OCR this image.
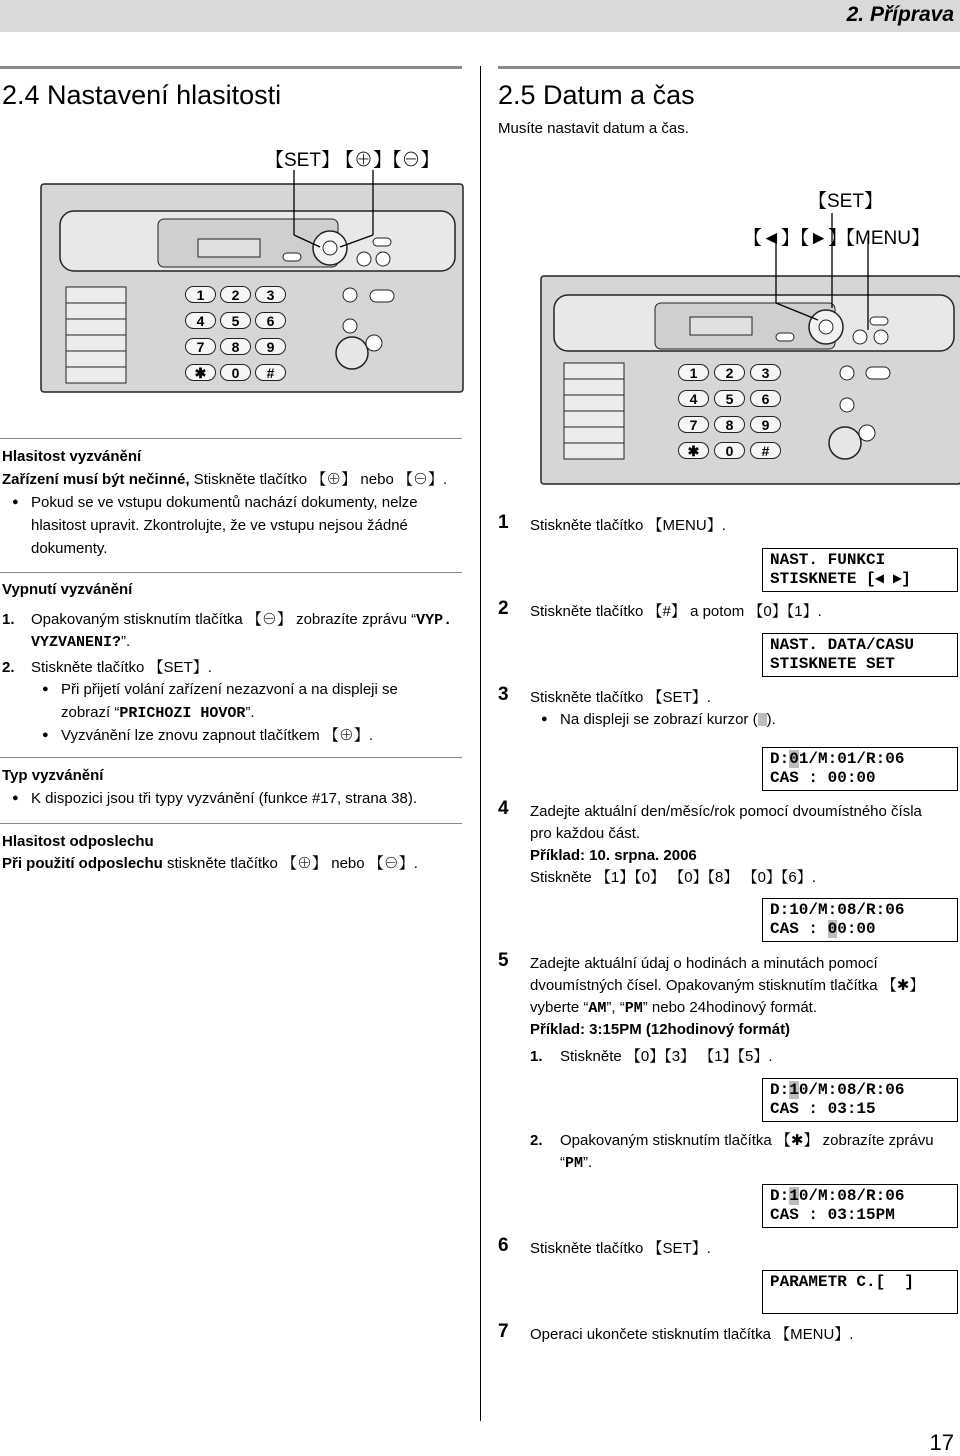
2. Příprava
2.4 Nastavení hlasitosti
【SET】
【⊕】【⊖】
1	2	3
4	5	6
7	8	9
✱	0	#
Hlasitost vyzvánění
Zařízení musí být nečinné, Stiskněte tlačítko 【⊕】 nebo 【⊖】.
● Pokud se ve vstupu dokumentů nachází dokumenty, nelze
hlasitost upravit. Zkontrolujte, že ve vstupu nejsou žádné
dokumenty.
Vypnutí vyzvánění
1. Opakovaným stisknutím tlačítka 【⊖】 zobrazíte zprávu “VYP.
VYZVANENI?”.
2. Stiskněte tlačítko 【SET】.
● Při přijetí volání zařízení nezazvoní a na displeji se
zobrazí “PRICHOZI HOVOR”.
● Vyzvánění lze znovu zapnout tlačítkem 【⊕】.
Typ vyzvánění
● K dispozici jsou tři typy vyzvánění (funkce #17, strana 38).
Hlasitost odposlechu
Při použití odposlechu stiskněte tlačítko 【⊕】 nebo 【⊖】.
2.5 Datum a čas
Musíte nastavit datum a čas.
【SET】
【◄】【►】
【MENU】
1	2	3
4	5	6
7	8	9
✱	0	#
1 Stiskněte tlačítko 【MENU】.
NAST. FUNKCI
STISKNETE [◂ ▸]
2 Stiskněte tlačítko 【#】 a potom 【0】【1】.
NAST. DATA/CASU
STISKNETE SET
3 Stiskněte tlačítko 【SET】.
● Na displeji se zobrazí kurzor ( ).
D:01/M:01/R:06
CAS : 00:00
4 Zadejte aktuální den/měsíc/rok pomocí dvoumístného čísla
pro každou část.
Příklad: 10. srpna. 2006
Stiskněte 【1】【0】 【0】【8】 【0】【6】.
D:10/M:08/R:06
CAS : 00:00
5 Zadejte aktuální údaj o hodinách a minutách pomocí
dvoumístných čísel. Opakovaným stisknutím tlačítka 【✱】
vyberte “AM”, “PM” nebo 24hodinový formát.
Příklad: 3:15PM (12hodinový formát)
1. Stiskněte 【0】【3】 【1】【5】.
D:10/M:08/R:06
CAS : 03:15
2. Opakovaným stisknutím tlačítka 【✱】 zobrazíte zprávu
“PM”.
D:10/M:08/R:06
CAS : 03:15PM
6 Stiskněte tlačítko 【SET】.
PARAMETR C.[  ]
7 Operaci ukončete stisknutím tlačítka 【MENU】.
17
